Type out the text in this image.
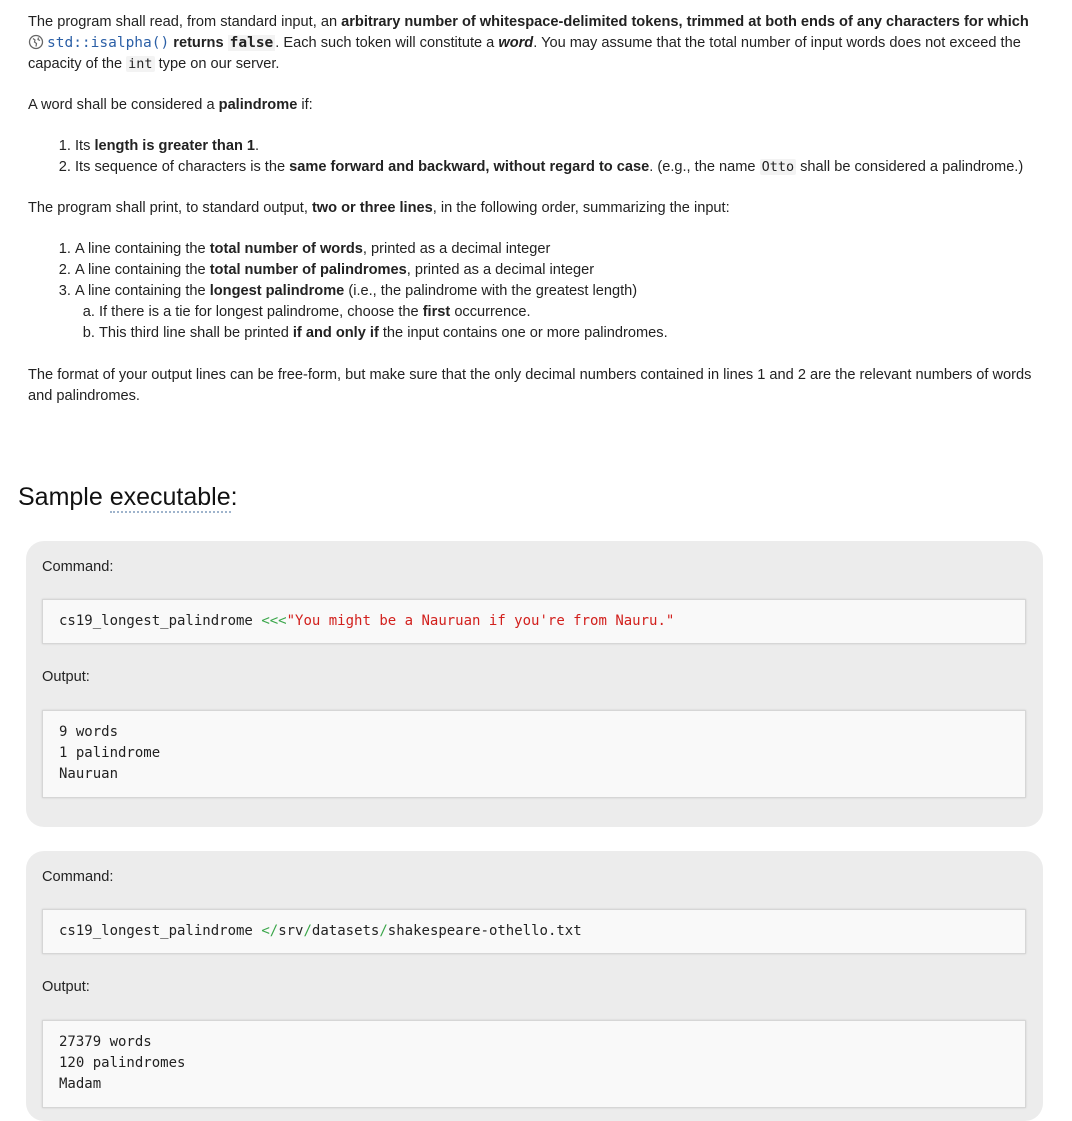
The program shall read, from standard input, an arbitrary number of whitespace-delimited tokens, trimmed at both ends of any characters for which std::isalpha() returns false . Each such token will constitute a word. You may assume that the total number of input words does not exceed the capacity of the int type on our server.

A word shall be considered a palindrome if:

1. Its length is greater than 1.
2. Its sequence of characters is the same forward and backward, without regard to case. (e.g., the name Otto shall be considered a palindrome.)

The program shall print, to standard output, two or three lines, in the following order, summarizing the input:

1. A line containing the total number of words, printed as a decimal integer
2. A line containing the total number of palindromes, printed as a decimal integer
3. A line containing the longest palindrome (i.e., the palindrome with the greatest length)
a. If there is a tie for longest palindrome, choose the first occurrence.
b. This third line shall be printed if and only if the input contains one or more palindromes.

The format of your output lines can be free-form, but make sure that the only decimal numbers contained in lines 1 and 2 are the relevant numbers of words and palindromes.

Sample executable:
Command:
cs19_longest_palindrome <<<"You might be a Nauruan if you're from Nauru."
Output:
9 words
1 palindrome
Nauruan
Command:
cs19_longest_palindrome </srv/datasets/shakespeare-othello.txt
Output:
27379 words
120 palindromes
Madam
